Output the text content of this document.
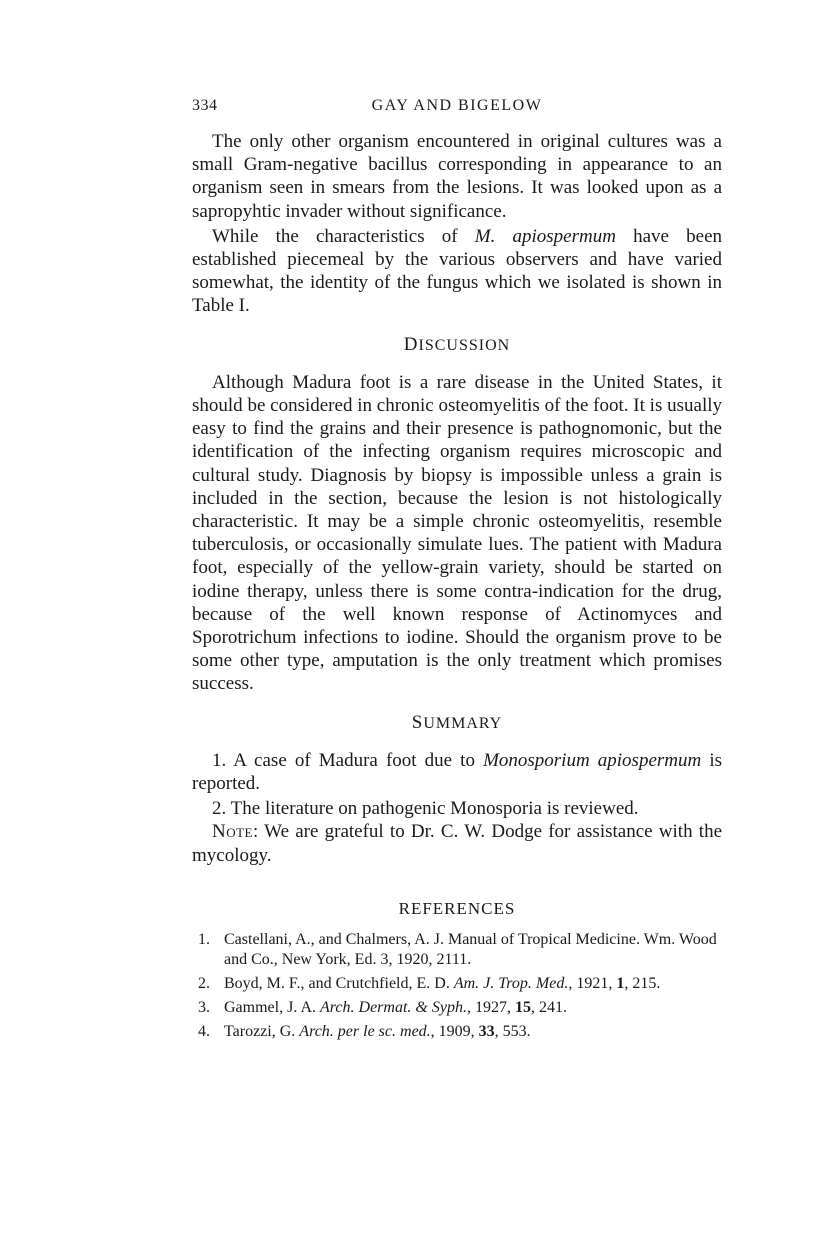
334	GAY AND BIGELOW

The only other organism encountered in original cultures was a small Gram-negative bacillus corresponding in appearance to an organism seen in smears from the lesions. It was looked upon as a sapropyhtic invader without significance.

While the characteristics of M. apiospermum have been established piecemeal by the various observers and have varied somewhat, the identity of the fungus which we isolated is shown in Table I.

DISCUSSION

Although Madura foot is a rare disease in the United States, it should be considered in chronic osteomyelitis of the foot. It is usually easy to find the grains and their presence is pathognomonic, but the identification of the infecting organism requires microscopic and cultural study. Diagnosis by biopsy is impossible unless a grain is included in the section, because the lesion is not histologically characteristic. It may be a simple chronic osteomyelitis, resemble tuberculosis, or occasionally simulate lues. The patient with Madura foot, especially of the yellow-grain variety, should be started on iodine therapy, unless there is some contra-indication for the drug, because of the well known response of Actinomyces and Sporotrichum infections to iodine. Should the organism prove to be some other type, amputation is the only treatment which promises success.

SUMMARY

1. A case of Madura foot due to Monosporium apiospermum is reported.

2. The literature on pathogenic Monosporia is reviewed.

Note: We are grateful to Dr. C. W. Dodge for assistance with the mycology.

REFERENCES
1. Castellani, A., and Chalmers, A. J. Manual of Tropical Medicine. Wm. Wood and Co., New York, Ed. 3, 1920, 2111.
2. Boyd, M. F., and Crutchfield, E. D. Am. J. Trop. Med., 1921, 1, 215.
3. Gammel, J. A. Arch. Dermat. & Syph., 1927, 15, 241.
4. Tarozzi, G. Arch. per le sc. med., 1909, 33, 553.
